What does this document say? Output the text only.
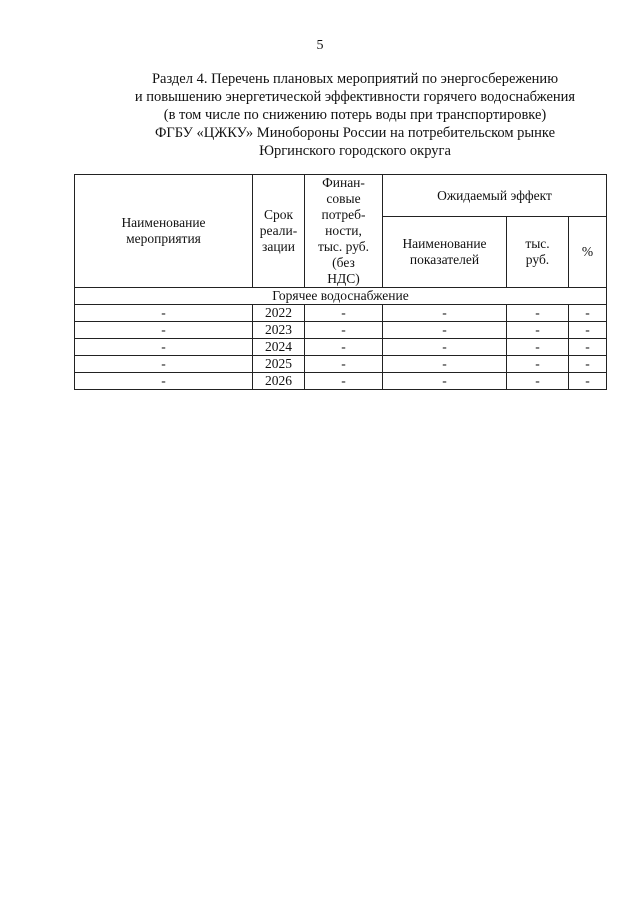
5
Раздел 4. Перечень плановых мероприятий по энергосбережению
и повышению энергетической эффективности горячего водоснабжения
(в том числе по снижению потерь воды при транспортировке)
ФГБУ «ЦЖКУ» Минобороны России на потребительском рынке
Юргинского городского округа
Наименование мероприятия	Срок реали-зации	Финан-совые потреб-ности, тыс. руб. (без НДС)	Ожидаемый эффект		

			Наименование показателей	тыс. руб.	%

Горячее водоснабжение					
-	2022	-	-	-	-
-	2023	-	-	-	-
-	2024	-	-	-	-
-	2025	-	-	-	-
-	2026	-	-	-	-
